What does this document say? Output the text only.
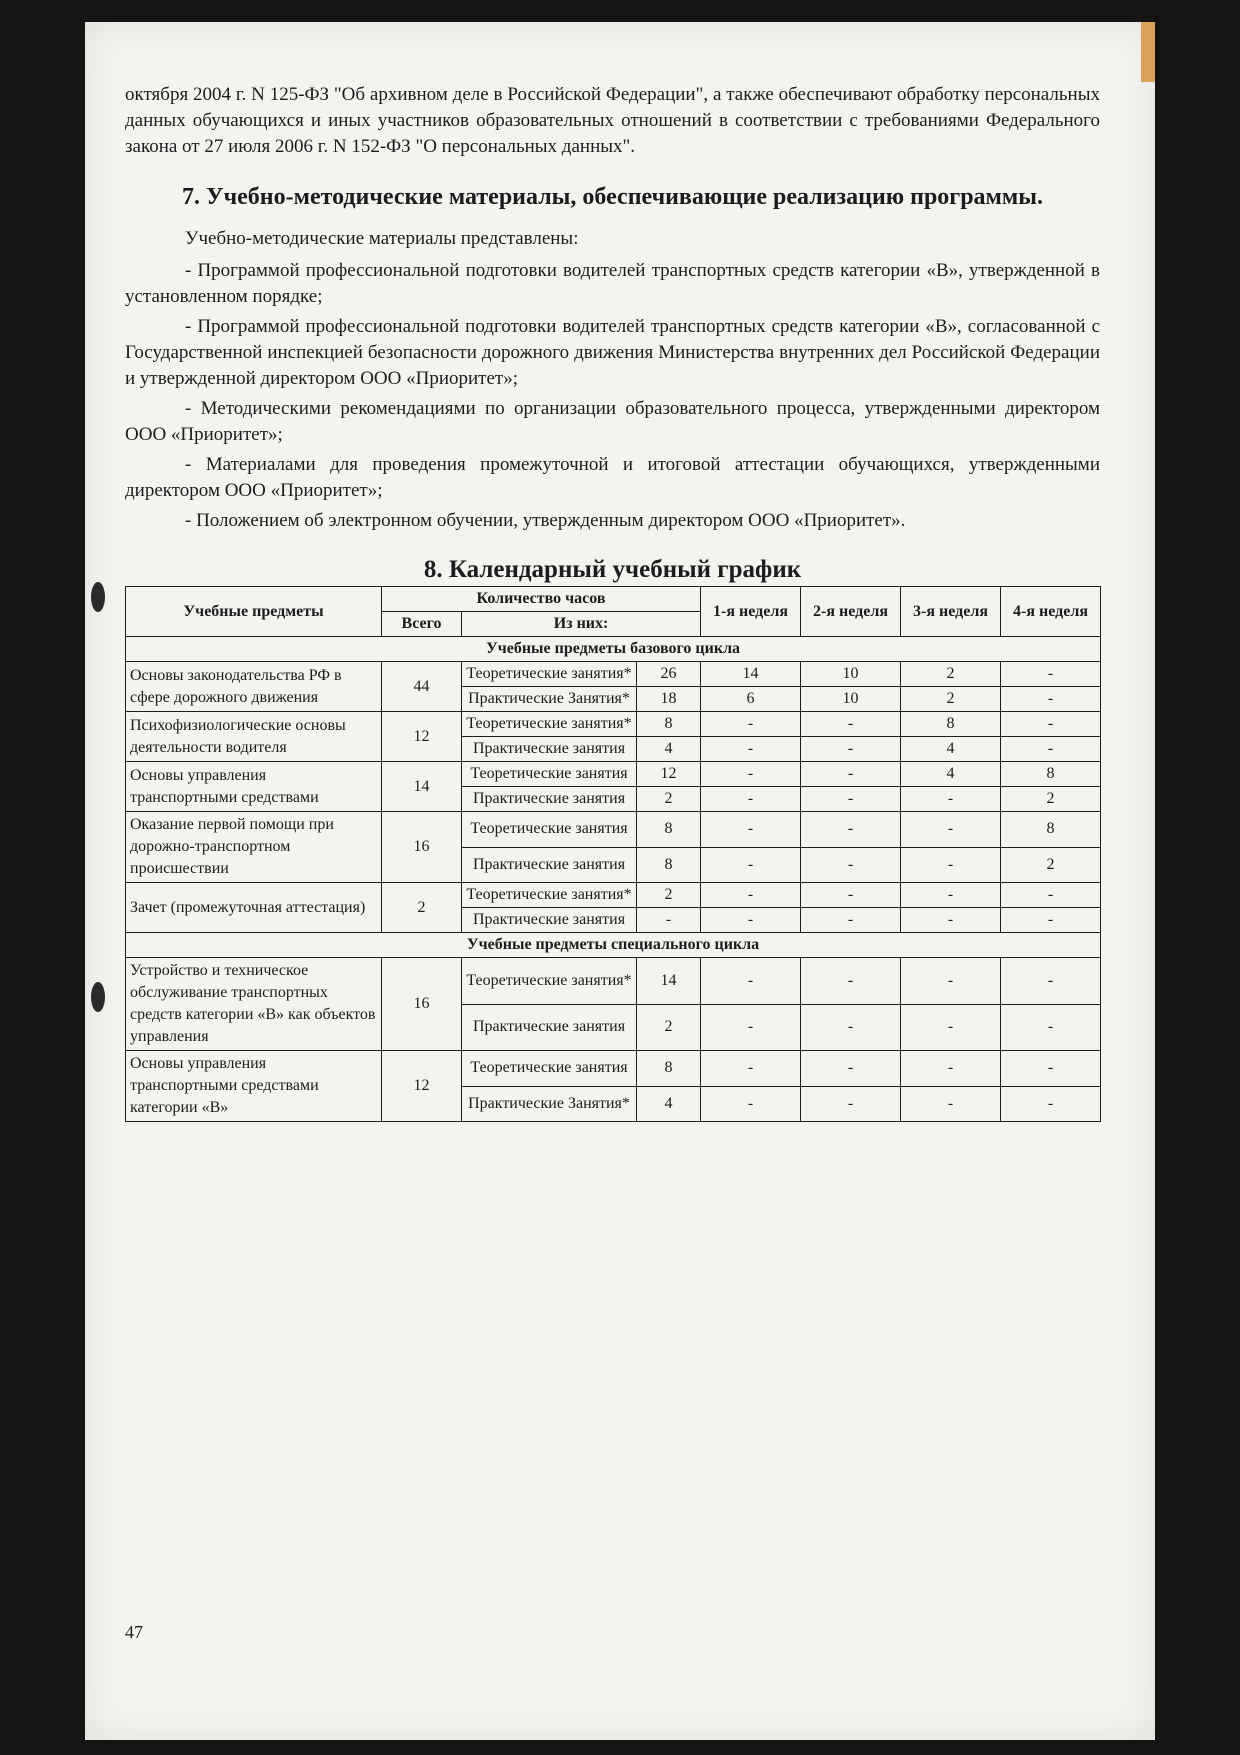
октября 2004 г. N 125-ФЗ "Об архивном деле в Российской Федерации", а также обеспечивают обработку персональных данных обучающихся и иных участников образовательных отношений в соответствии с требованиями Федерального закона от 27 июля 2006 г. N 152-ФЗ "О персональных данных".

7. Учебно-методические материалы, обеспечивающие реализацию программы.

Учебно-методические материалы представлены:

- Программой профессиональной подготовки водителей транспортных средств категории «В», утвержденной в установленном порядке;

- Программой профессиональной подготовки водителей транспортных средств категории «В», согласованной с Государственной инспекцией безопасности дорожного движения Министерства внутренних дел Российской Федерации и утвержденной директором ООО «Приоритет»;

- Методическими рекомендациями по организации образовательного процесса, утвержденными директором ООО «Приоритет»;

- Материалами для проведения промежуточной и итоговой аттестации обучающихся, утвержденными директором ООО «Приоритет»;

- Положением об электронном обучении, утвержденным директором ООО «Приоритет».

8. Календарный учебный график
Учебные предметы	Количество часов			1-я неделя	2-я неделя	3-я неделя	4-я неделя
	Всего	Из них:					
Учебные предметы базового цикла							
Основы законодательства РФ в сфере дорожного движения	44	Теоретические занятия*	26	14	10	2	-
		Практические Занятия*	18	6	10	2	-
Психофизиологические основы деятельности водителя	12	Теоретические занятия*	8	-	-	8	-
		Практические занятия	4	-	-	4	-
Основы управления транспортными средствами	14	Теоретические занятия	12	-	-	4	8
		Практические занятия	2	-	-	-	2
Оказание первой помощи при дорожно-транспортном происшествии	16	Теоретические занятия	8	-	-	-	8
		Практические занятия	8	-	-	-	2
Зачет (промежуточная аттестация)	2	Теоретические занятия*	2	-	-	-	-
		Практические занятия	-	-	-	-	-
Учебные предметы специального цикла							
Устройство и техническое обслуживание транспортных средств категории «В» как объектов управления	16	Теоретические занятия*	14	-	-	-	-
		Практические занятия	2	-	-	-	-
Основы управления транспортными средствами категории «В»	12	Теоретические занятия	8	-	-	-	-
		Практические Занятия*	4	-	-	-	-
47
